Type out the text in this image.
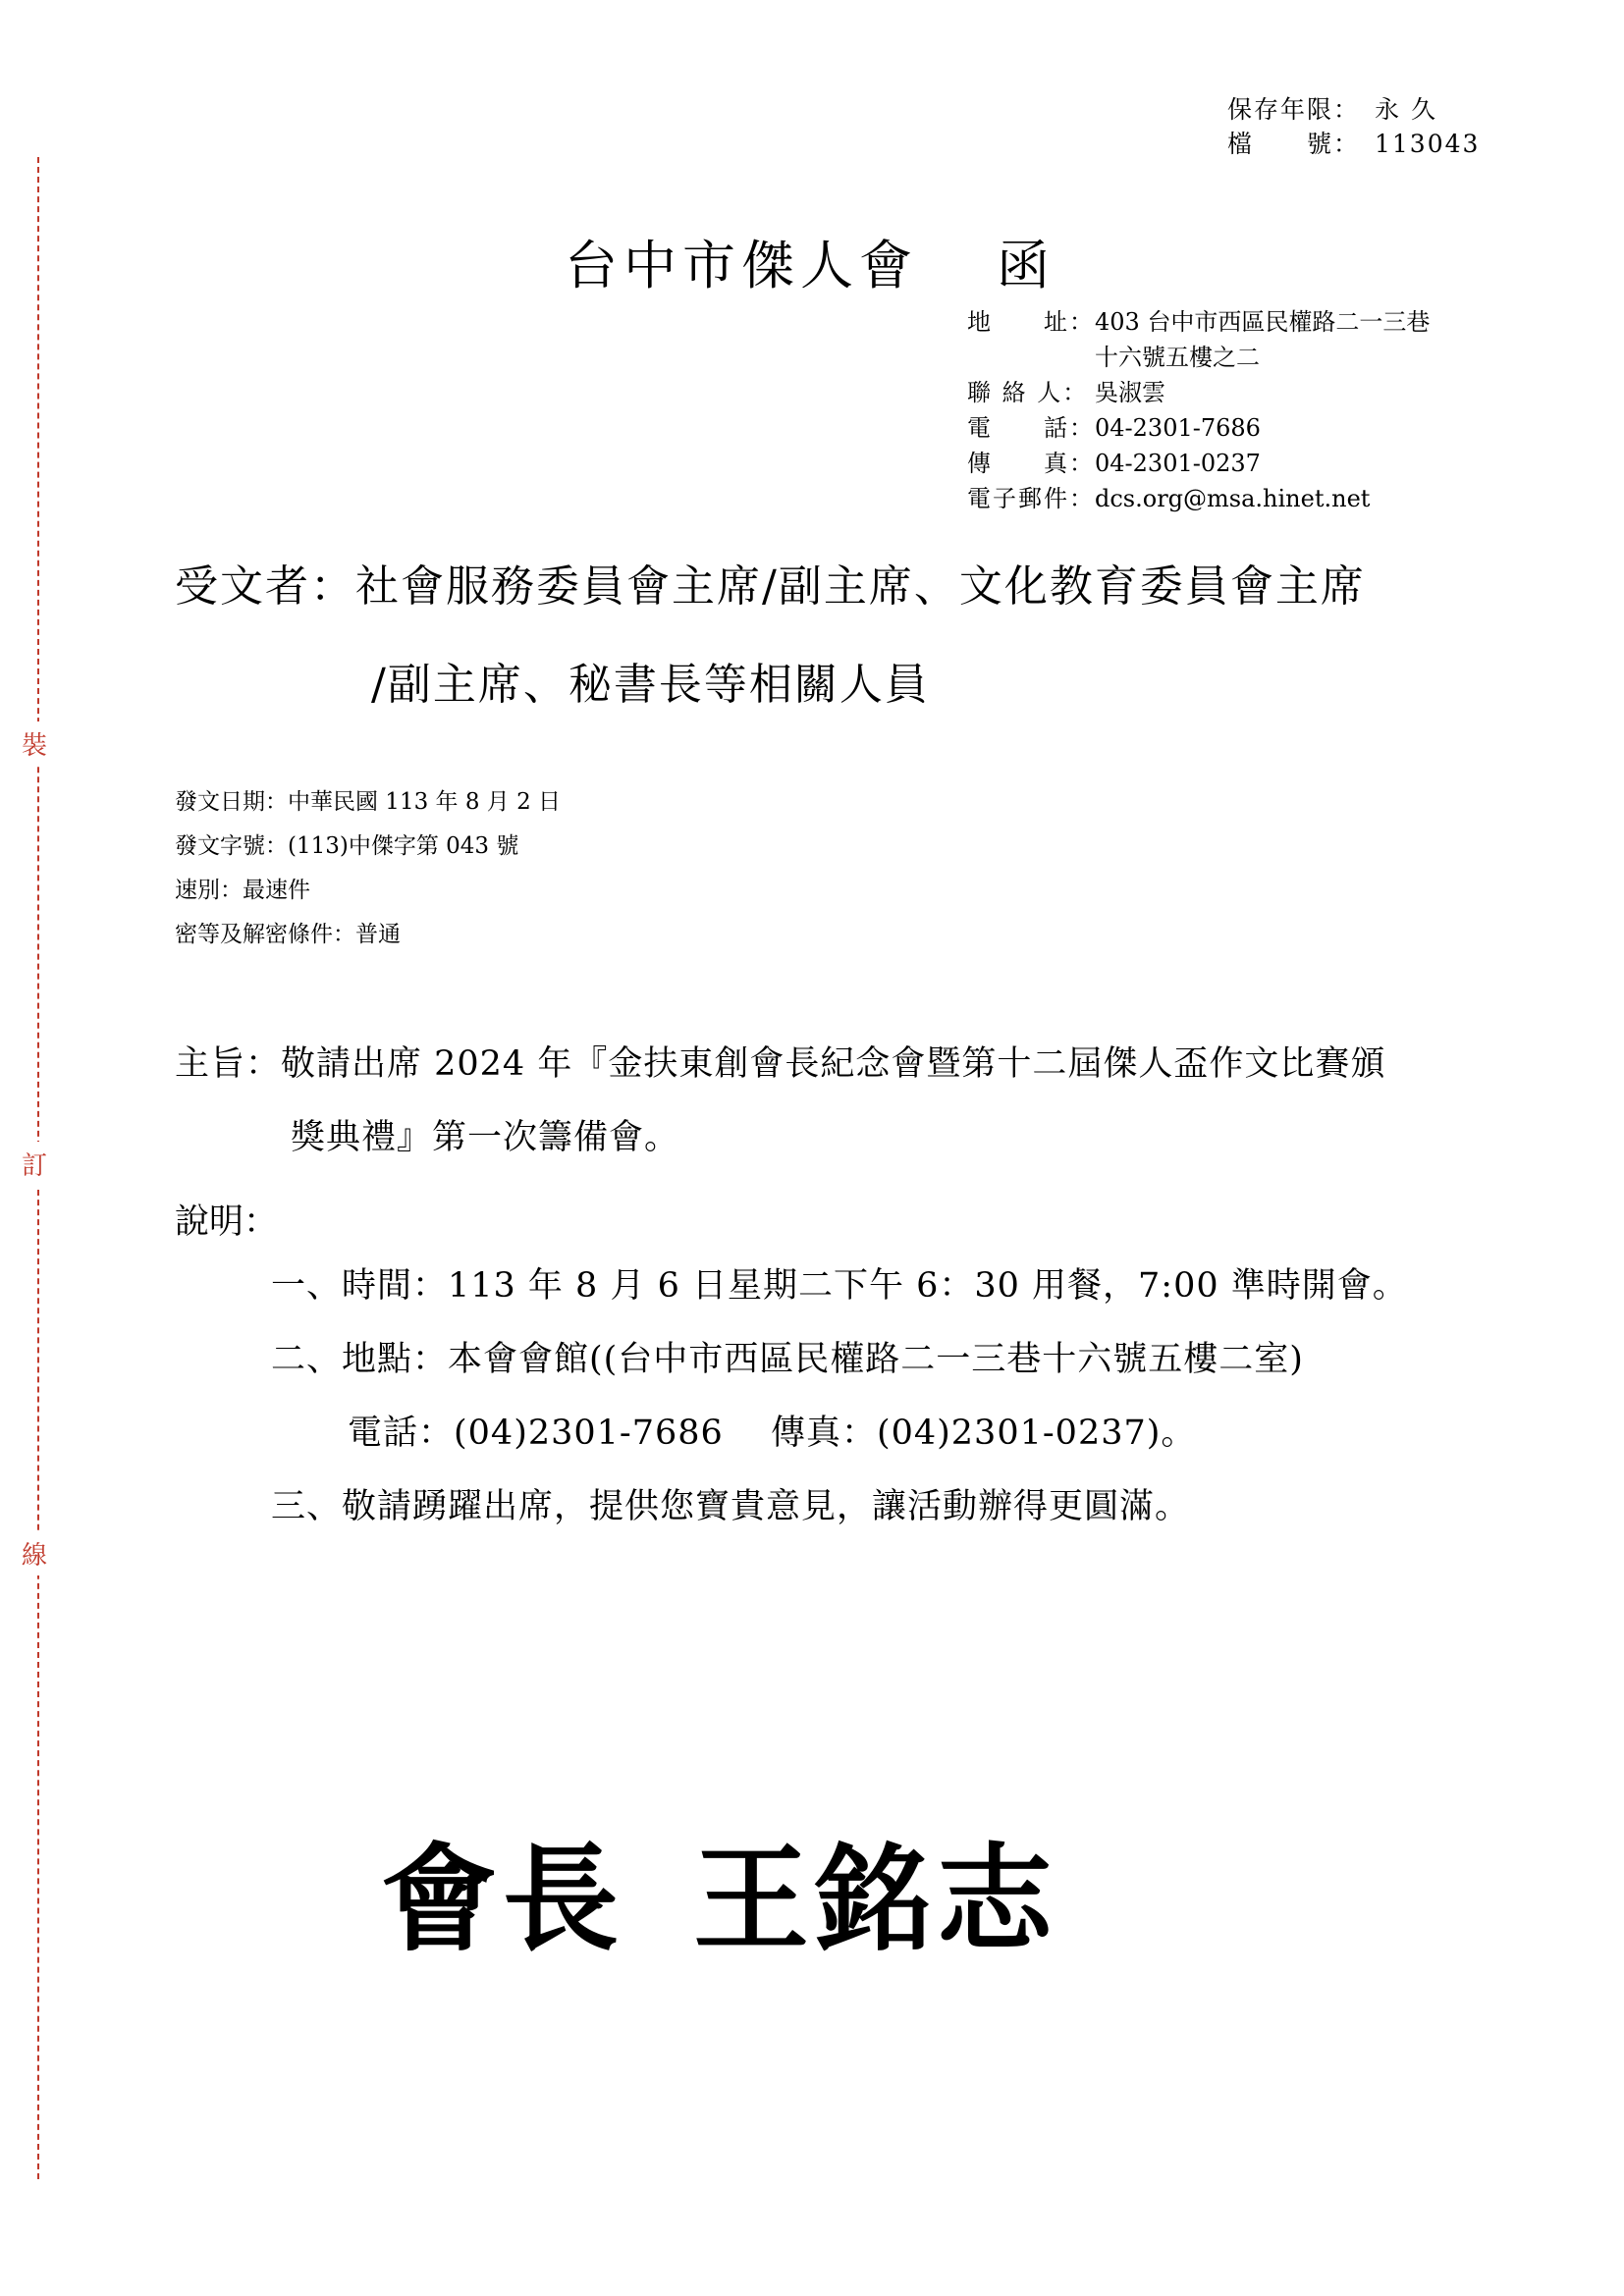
裝
訂
線
保存年限： 永 久
檔　　號： 113043
台中市傑人會 函
地　　址： 403 台中市西區民權路二一三巷
十六號五樓之二
聯 絡 人： 吳淑雲
電　　話： 04-2301-7686
傳　　真： 04-2301-0237
電子郵件： dcs.org@msa.hinet.net
受文者：社會服務委員會主席/副主席、文化教育委員會主席
/副主席、秘書長等相關人員
發文日期：中華民國 113 年 8 月 2 日
發文字號：(113)中傑字第 043 號
速別：最速件
密等及解密條件：普通
主旨：敬請出席 2024 年『金扶東創會長紀念會暨第十二屆傑人盃作文比賽頒
獎典禮』第一次籌備會。
說明：
一、時間：113 年 8 月 6 日星期二下午 6：30 用餐，7:00 準時開會。
二、地點：本會會館((台中市西區民權路二一三巷十六號五樓二室)
電話：(04)2301-7686　 傳真：(04)2301-0237)。
三、敬請踴躍出席，提供您寶貴意見，讓活動辦得更圓滿。
會長 王銘志
